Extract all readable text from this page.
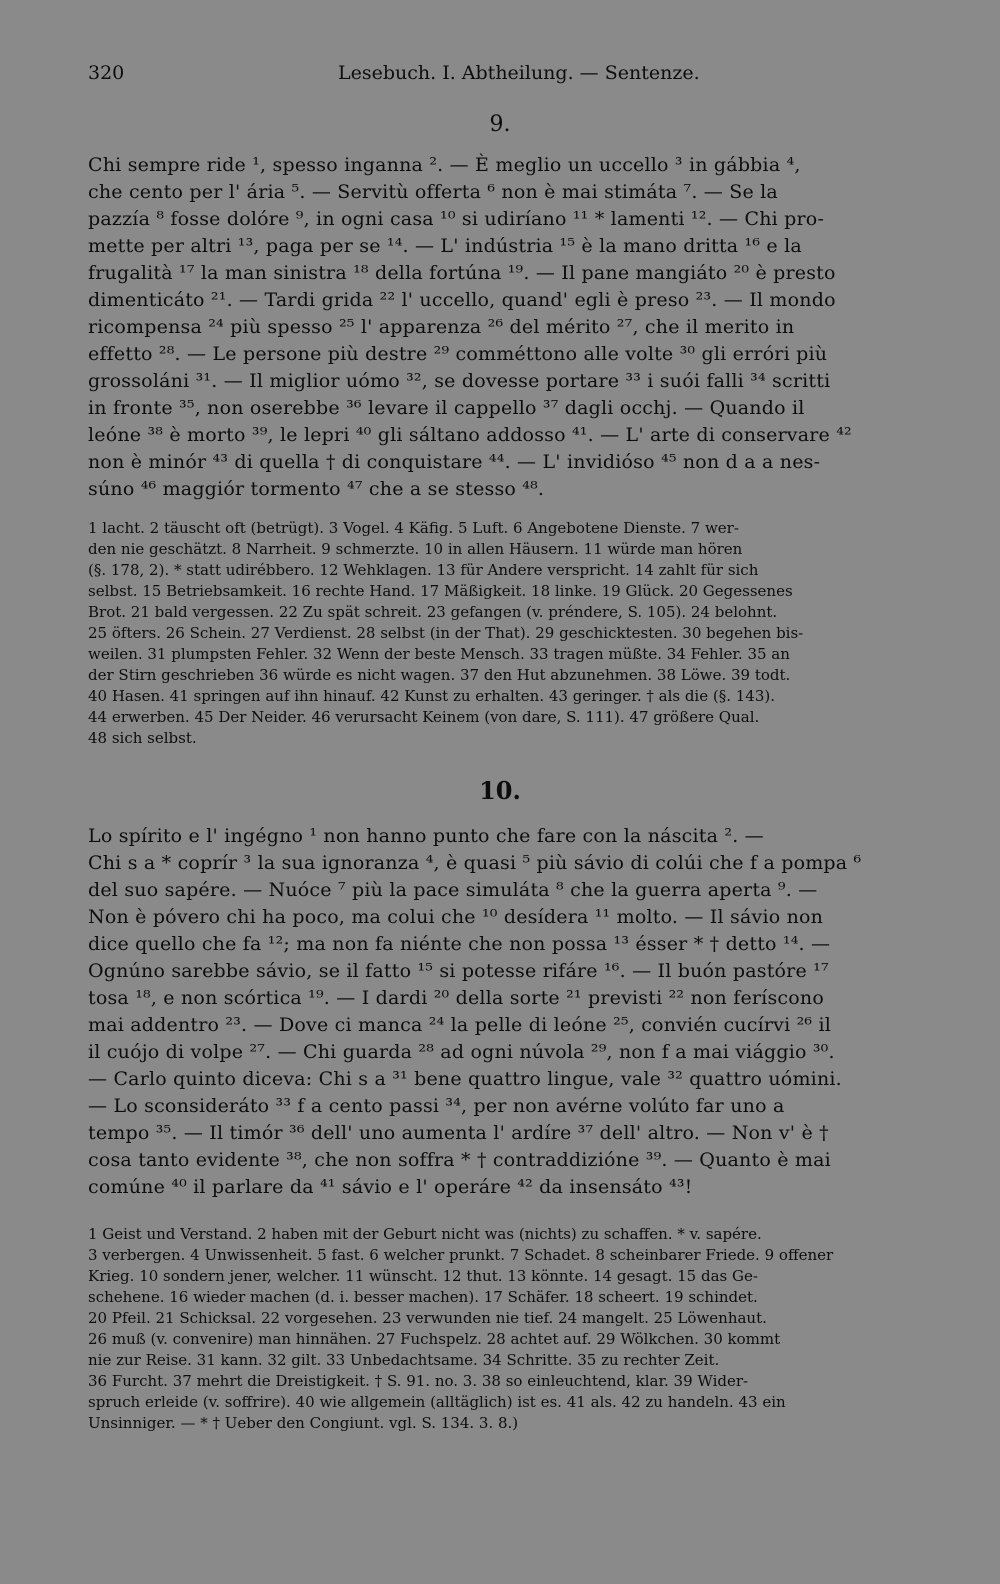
320	Lesebuch. I. Abtheilung. — Sentenze.
9.
Chi sempre ride ¹, spesso inganna ². — È meglio un uccello ³ in gábbia ⁴,
che cento per l' ária ⁵. — Servitù offerta ⁶ non è mai stimáta ⁷. — Se la
pazzía ⁸ fosse dolóre ⁹, in ogni casa ¹⁰ si udiríano ¹¹ * lamenti ¹². — Chi pro-
mette per altri ¹³, paga per se ¹⁴. — L' indústria ¹⁵ è la mano dritta ¹⁶ e la
frugalità ¹⁷ la man sinistra ¹⁸ della fortúna ¹⁹. — Il pane mangiáto ²⁰ è presto
dimenticáto ²¹. — Tardi grida ²² l' uccello, quand' egli è preso ²³. — Il mondo
ricompensa ²⁴ più spesso ²⁵ l' apparenza ²⁶ del mérito ²⁷, che il merito in
effetto ²⁸. — Le persone più destre ²⁹ comméttono alle volte ³⁰ gli erróri più
grossoláni ³¹. — Il miglior uómo ³², se dovesse portare ³³ i suói falli ³⁴ scritti
in fronte ³⁵, non oserebbe ³⁶ levare il cappello ³⁷ dagli occhj. — Quando il
leóne ³⁸ è morto ³⁹, le lepri ⁴⁰ gli sáltano addosso ⁴¹. — L' arte di conservare ⁴²
non è minór ⁴³ di quella † di conquistare ⁴⁴. — L' invidióso ⁴⁵ non d a a nes-
súno ⁴⁶ maggiór tormento ⁴⁷ che a se stesso ⁴⁸.
1 lacht. 2 täuscht oft (betrügt). 3 Vogel. 4 Käfig. 5 Luft. 6 Angebotene Dienste. 7 wer-
den nie geschätzt. 8 Narrheit. 9 schmerzte. 10 in allen Häusern. 11 würde man hören
(§. 178, 2). * statt udirébbero. 12 Wehklagen. 13 für Andere verspricht. 14 zahlt für sich
selbst. 15 Betriebsamkeit. 16 rechte Hand. 17 Mäßigkeit. 18 linke. 19 Glück. 20 Gegessenes
Brot. 21 bald vergessen. 22 Zu spät schreit. 23 gefangen (v. préndere, S. 105). 24 belohnt.
25 öfters. 26 Schein. 27 Verdienst. 28 selbst (in der That). 29 geschicktesten. 30 begehen bis-
weilen. 31 plumpsten Fehler. 32 Wenn der beste Mensch. 33 tragen müßte. 34 Fehler. 35 an
der Stirn geschrieben 36 würde es nicht wagen. 37 den Hut abzunehmen. 38 Löwe. 39 todt.
40 Hasen. 41 springen auf ihn hinauf. 42 Kunst zu erhalten. 43 geringer. † als die (§. 143).
44 erwerben. 45 Der Neider. 46 verursacht Keinem (von dare, S. 111). 47 größere Qual.
48 sich selbst.
10.
Lo spírito e l' ingégno ¹ non hanno punto che fare con la náscita ². —
Chi s a * coprír ³ la sua ignoranza ⁴, è quasi ⁵ più sávio di colúi che f a pompa ⁶
del suo sapére. — Nuóce ⁷ più la pace simuláta ⁸ che la guerra aperta ⁹. —
Non è póvero chi ha poco, ma colui che ¹⁰ desídera ¹¹ molto. — Il sávio non
dice quello che fa ¹²; ma non fa niénte che non possa ¹³ ésser * † detto ¹⁴. —
Ognúno sarebbe sávio, se il fatto ¹⁵ si potesse rifáre ¹⁶. — Il buón pastóre ¹⁷
tosa ¹⁸, e non scórtica ¹⁹. — I dardi ²⁰ della sorte ²¹ previsti ²² non feríscono
mai addentro ²³. — Dove ci manca ²⁴ la pelle di leóne ²⁵, convién cucírvi ²⁶ il
il cuójo di volpe ²⁷. — Chi guarda ²⁸ ad ogni núvola ²⁹, non f a mai viággio ³⁰.
— Carlo quinto diceva: Chi s a ³¹ bene quattro lingue, vale ³² quattro uómini.
— Lo sconsideráto ³³ f a cento passi ³⁴, per non avérne volúto far uno a
tempo ³⁵. — Il timór ³⁶ dell' uno aumenta l' ardíre ³⁷ dell' altro. — Non v' è †
cosa tanto evidente ³⁸, che non soffra * † contraddizióne ³⁹. — Quanto è mai
comúne ⁴⁰ il parlare da ⁴¹ sávio e l' operáre ⁴² da insensáto ⁴³!
1 Geist und Verstand. 2 haben mit der Geburt nicht was (nichts) zu schaffen. * v. sapére.
3 verbergen. 4 Unwissenheit. 5 fast. 6 welcher prunkt. 7 Schadet. 8 scheinbarer Friede. 9 offener
Krieg. 10 sondern jener, welcher. 11 wünscht. 12 thut. 13 könnte. 14 gesagt. 15 das Ge-
schehene. 16 wieder machen (d. i. besser machen). 17 Schäfer. 18 scheert. 19 schindet.
20 Pfeil. 21 Schicksal. 22 vorgesehen. 23 verwunden nie tief. 24 mangelt. 25 Löwenhaut.
26 muß (v. convenire) man hinnähen. 27 Fuchspelz. 28 achtet auf. 29 Wölkchen. 30 kommt
nie zur Reise. 31 kann. 32 gilt. 33 Unbedachtsame. 34 Schritte. 35 zu rechter Zeit.
36 Furcht. 37 mehrt die Dreistigkeit. † S. 91. no. 3. 38 so einleuchtend, klar. 39 Wider-
spruch erleide (v. soffrire). 40 wie allgemein (alltäglich) ist es. 41 als. 42 zu handeln. 43 ein
Unsinniger. — * † Ueber den Congiunt. vgl. S. 134. 3. 8.)
